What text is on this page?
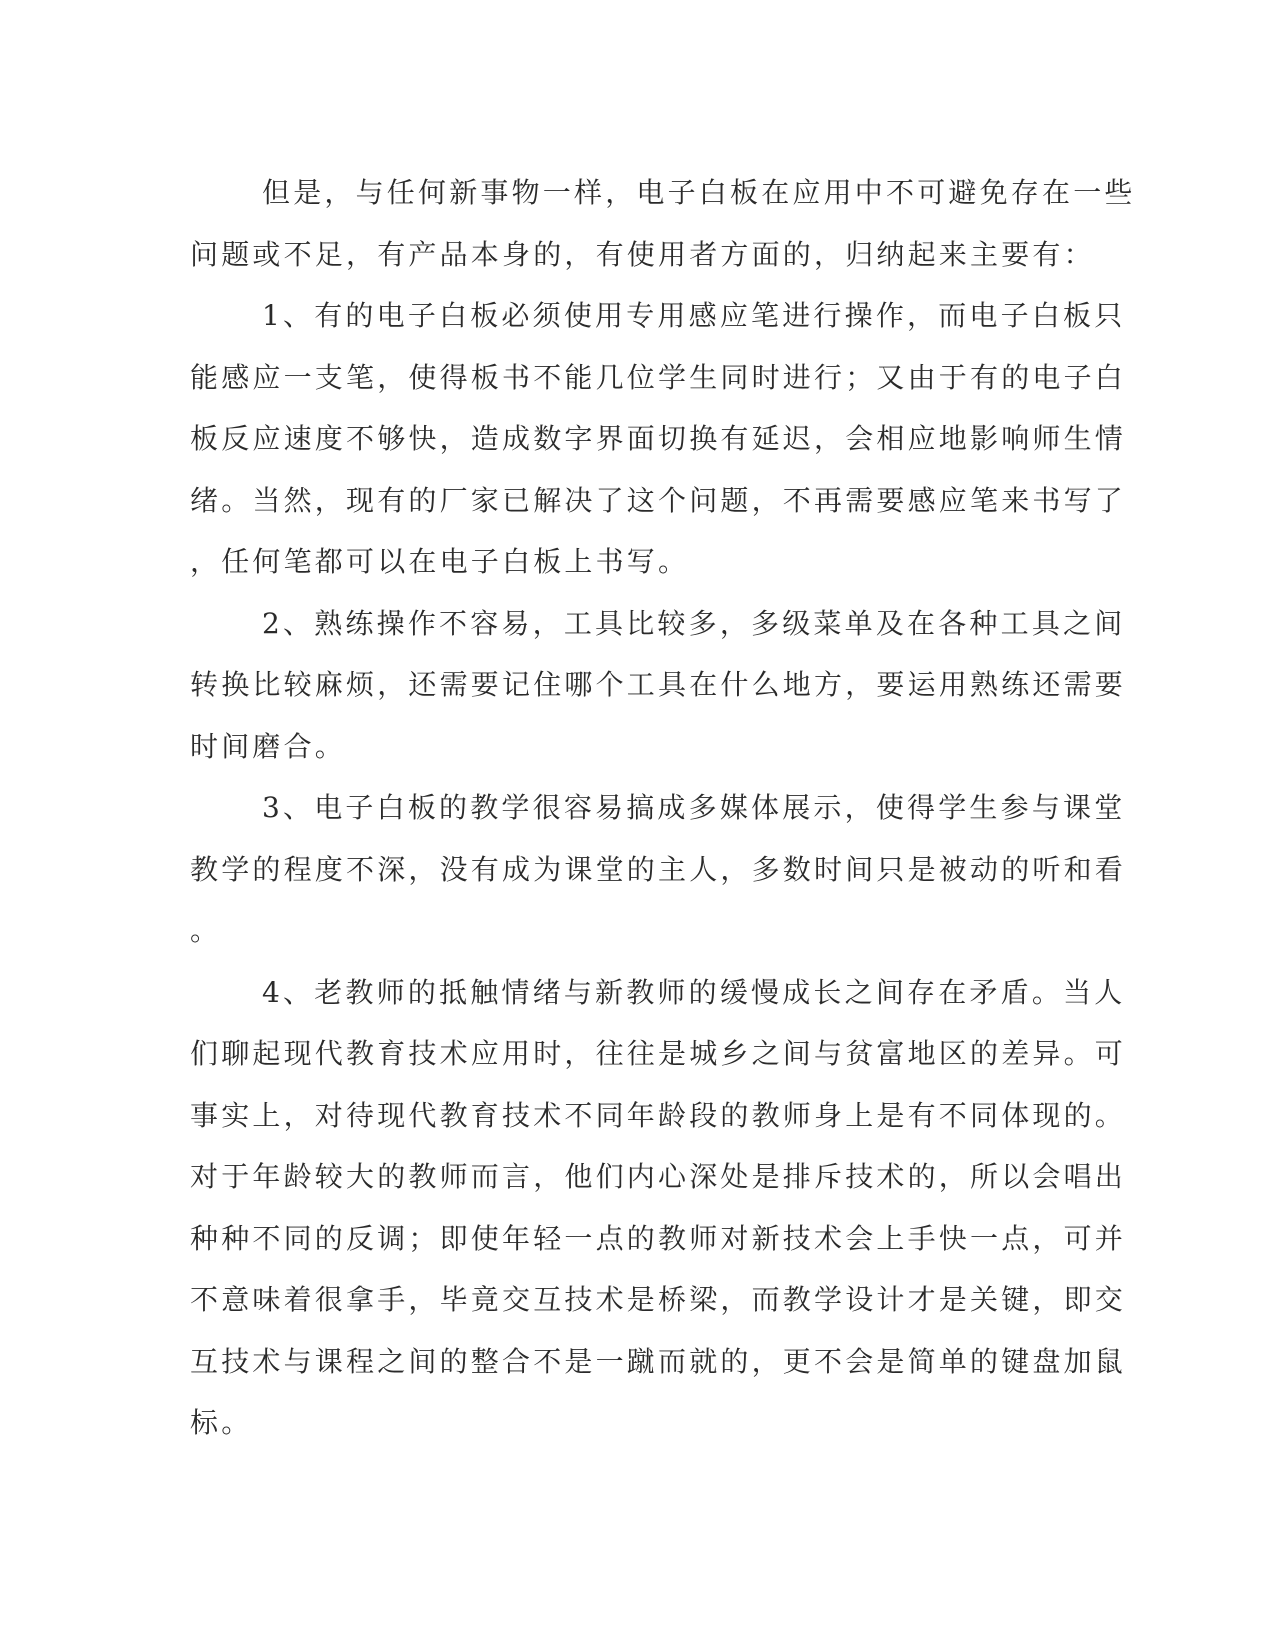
但是，与任何新事物一样，电子白板在应用中不可避免存在一些
问题或不足，有产品本身的，有使用者方面的，归纳起来主要有：
1、有的电子白板必须使用专用感应笔进行操作，而电子白板只
能感应一支笔，使得板书不能几位学生同时进行；又由于有的电子白
板反应速度不够快，造成数字界面切换有延迟，会相应地影响师生情
绪。当然，现有的厂家已解决了这个问题，不再需要感应笔来书写了
，任何笔都可以在电子白板上书写。
2、熟练操作不容易，工具比较多，多级菜单及在各种工具之间
转换比较麻烦，还需要记住哪个工具在什么地方，要运用熟练还需要
时间磨合。
3、电子白板的教学很容易搞成多媒体展示，使得学生参与课堂
教学的程度不深，没有成为课堂的主人，多数时间只是被动的听和看
。
4、老教师的抵触情绪与新教师的缓慢成长之间存在矛盾。当人
们聊起现代教育技术应用时，往往是城乡之间与贫富地区的差异。可
事实上，对待现代教育技术不同年龄段的教师身上是有不同体现的。
对于年龄较大的教师而言，他们内心深处是排斥技术的，所以会唱出
种种不同的反调；即使年轻一点的教师对新技术会上手快一点，可并
不意味着很拿手，毕竟交互技术是桥梁，而教学设计才是关键，即交
互技术与课程之间的整合不是一蹴而就的，更不会是简单的键盘加鼠
标。
